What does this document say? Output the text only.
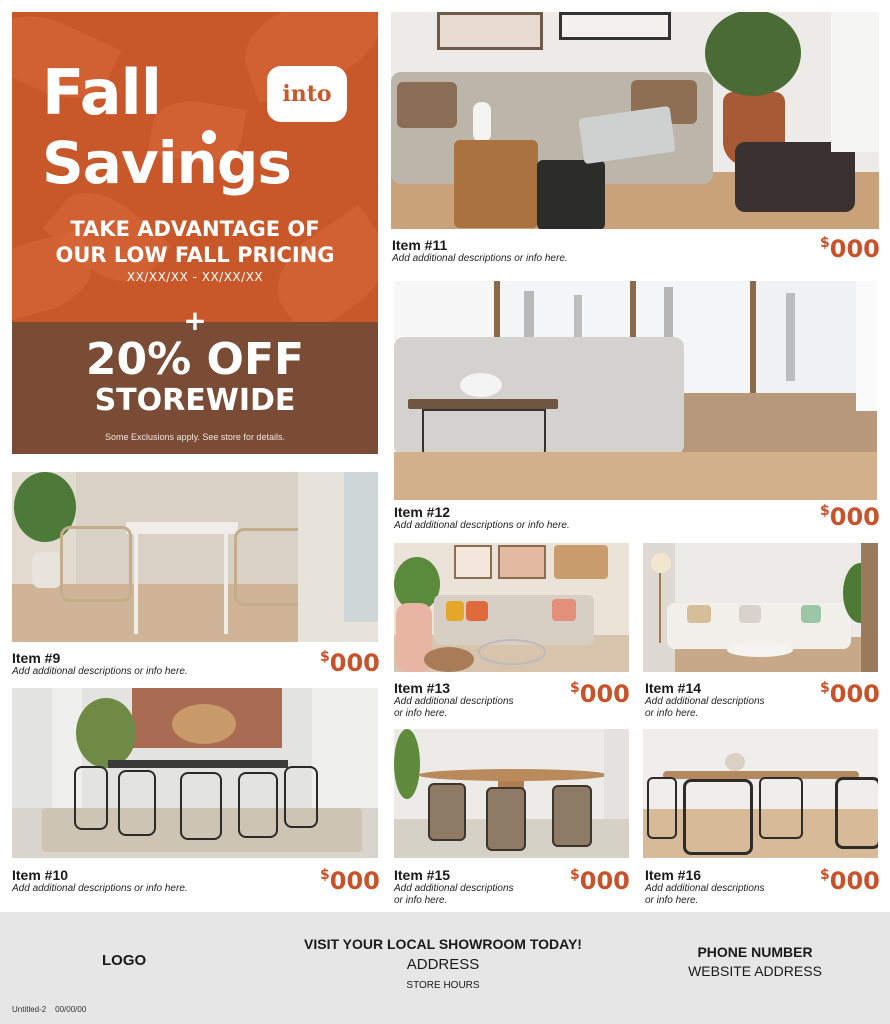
Fall	into
Savings
TAKE ADVANTAGE OF
OUR LOW FALL PRICING
XX/XX/XX - XX/XX/XX
+
20% OFF
STOREWIDE
Some Exclusions apply. See store for details.
Item #11
Add additional descriptions or info here.
$000
Item #12
Add additional descriptions or info here.
$000
Item #9
Add additional descriptions or info here.
$000
Item #13
Add additional descriptions
or info here.
$000 Item #14
Add additional descriptions
or info here.
$000
Item #10
Add additional descriptions or info here.
$000 Item #15
Add additional descriptions
or info here.
$000 Item #16
Add additional descriptions
or info here.
$000
LOGO
VISIT YOUR LOCAL SHOWROOM TODAY!
ADDRESS
STORE HOURS
PHONE NUMBER
WEBSITE ADDRESS
Untitled-2 00/00/00
